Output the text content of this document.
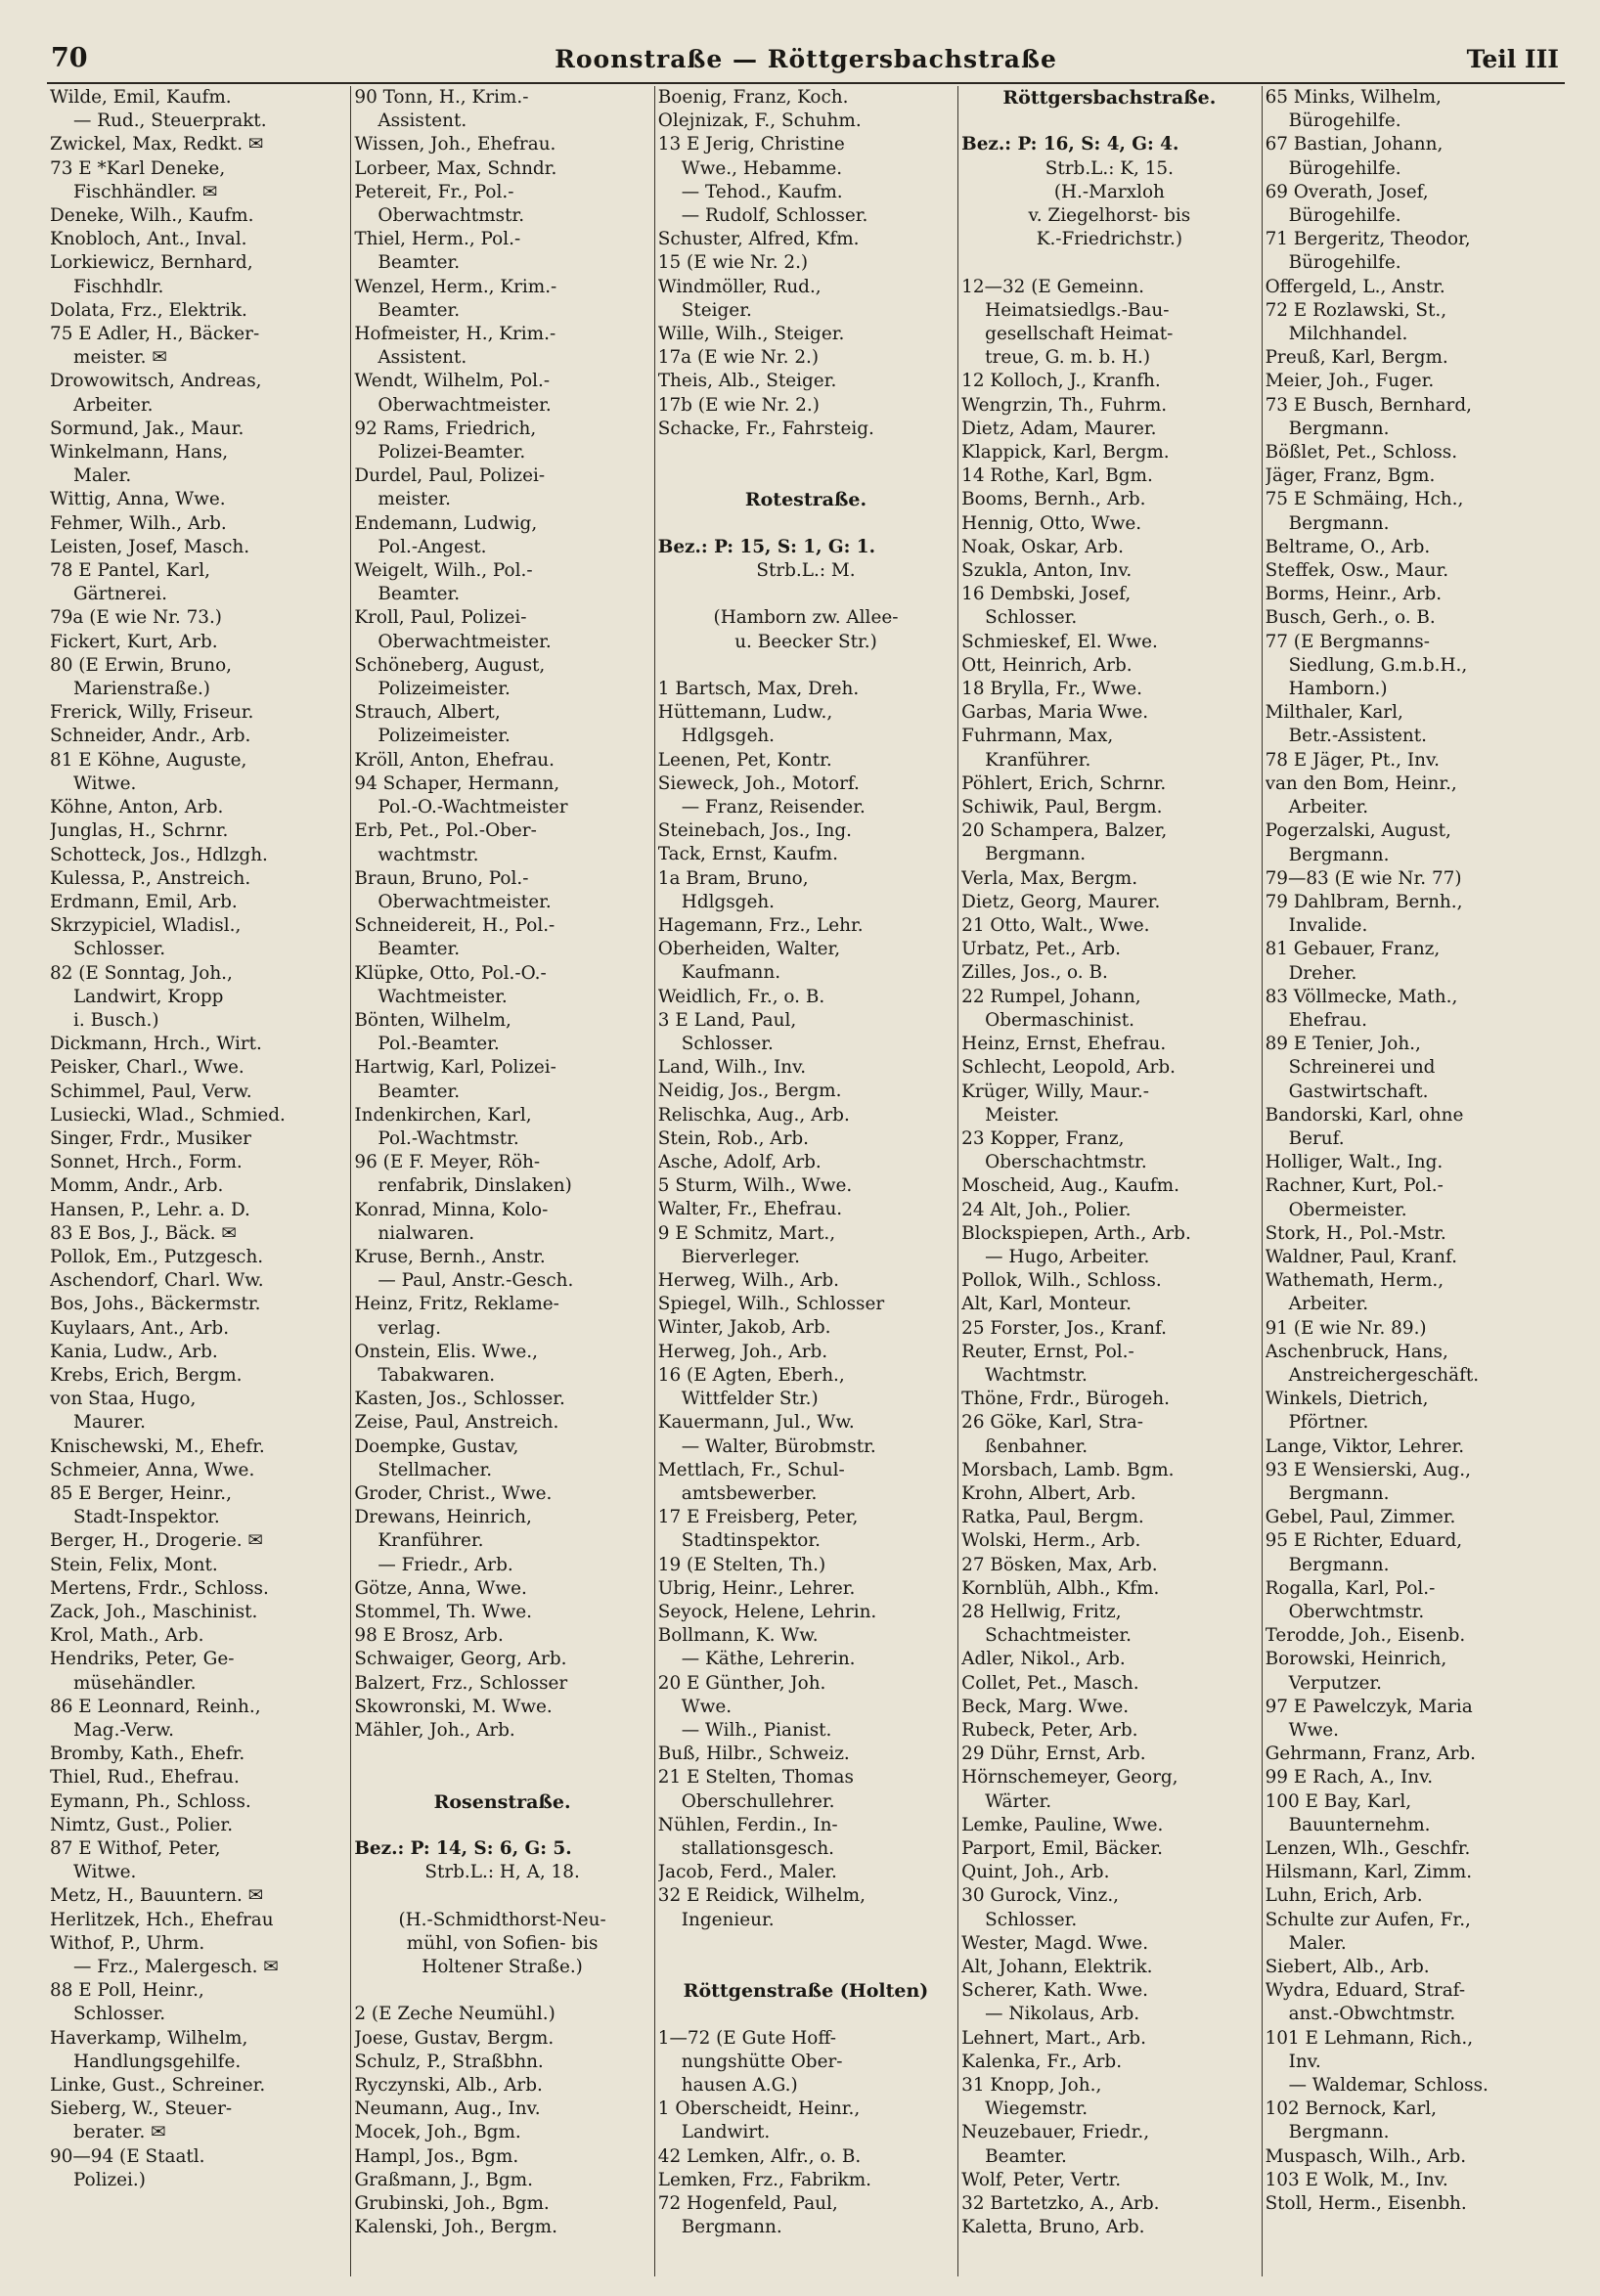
70	Roonstraße — Röttgersbachstraße	Teil III
Wilde, Emil, Kaufm.
— Rud., Steuerprakt.
Zwickel, Max, Redkt. ✉
73 E *Karl Deneke,
Fischhändler. ✉
Deneke, Wilh., Kaufm.
Knobloch, Ant., Inval.
Lorkiewicz, Bernhard,
Fischhdlr.
Dolata, Frz., Elektrik.
75 E Adler, H., Bäcker-
meister. ✉
Drowowitsch, Andreas,
Arbeiter.
Sormund, Jak., Maur.
Winkelmann, Hans,
Maler.
Wittig, Anna, Wwe.
Fehmer, Wilh., Arb.
Leisten, Josef, Masch.
78 E Pantel, Karl,
Gärtnerei.
79a (E wie Nr. 73.)
Fickert, Kurt, Arb.
80 (E Erwin, Bruno,
Marienstraße.)
Frerick, Willy, Friseur.
Schneider, Andr., Arb.
81 E Köhne, Auguste,
Witwe.
Köhne, Anton, Arb.
Junglas, H., Schrnr.
Schotteck, Jos., Hdlzgh.
Kulessa, P., Anstreich.
Erdmann, Emil, Arb.
Skrzypiciel, Wladisl.,
Schlosser.
82 (E Sonntag, Joh.,
Landwirt, Kropp
i. Busch.)
Dickmann, Hrch., Wirt.
Peisker, Charl., Wwe.
Schimmel, Paul, Verw.
Lusiecki, Wlad., Schmied.
Singer, Frdr., Musiker
Sonnet, Hrch., Form.
Momm, Andr., Arb.
Hansen, P., Lehr. a. D.
83 E Bos, J., Bäck. ✉
Pollok, Em., Putzgesch.
Aschendorf, Charl. Ww.
Bos, Johs., Bäckermstr.
Kuylaars, Ant., Arb.
Kania, Ludw., Arb.
Krebs, Erich, Bergm.
von Staa, Hugo,
Maurer.
Knischewski, M., Ehefr.
Schmeier, Anna, Wwe.
85 E Berger, Heinr.,
Stadt-Inspektor.
Berger, H., Drogerie. ✉
Stein, Felix, Mont.
Mertens, Frdr., Schloss.
Zack, Joh., Maschinist.
Krol, Math., Arb.
Hendriks, Peter, Ge-
müsehändler.
86 E Leonnard, Reinh.,
Mag.-Verw.
Bromby, Kath., Ehefr.
Thiel, Rud., Ehefrau.
Eymann, Ph., Schloss.
Nimtz, Gust., Polier.
87 E Withof, Peter,
Witwe.
Metz, H., Bauuntern. ✉
Herlitzek, Hch., Ehefrau
Withof, P., Uhrm.
— Frz., Malergesch. ✉
88 E Poll, Heinr.,
Schlosser.
Haverkamp, Wilhelm,
Handlungsgehilfe.
Linke, Gust., Schreiner.
Sieberg, W., Steuer-
berater. ✉
90—94 (E Staatl.
Polizei.)
90 Tonn, H., Krim.-
Assistent.
Wissen, Joh., Ehefrau.
Lorbeer, Max, Schndr.
Petereit, Fr., Pol.-
Oberwachtmstr.
Thiel, Herm., Pol.-
Beamter.
Wenzel, Herm., Krim.-
Beamter.
Hofmeister, H., Krim.-
Assistent.
Wendt, Wilhelm, Pol.-
Oberwachtmeister.
92 Rams, Friedrich,
Polizei-Beamter.
Durdel, Paul, Polizei-
meister.
Endemann, Ludwig,
Pol.-Angest.
Weigelt, Wilh., Pol.-
Beamter.
Kroll, Paul, Polizei-
Oberwachtmeister.
Schöneberg, August,
Polizeimeister.
Strauch, Albert,
Polizeimeister.
Kröll, Anton, Ehefrau.
94 Schaper, Hermann,
Pol.-O.-Wachtmeister
Erb, Pet., Pol.-Ober-
wachtmstr.
Braun, Bruno, Pol.-
Oberwachtmeister.
Schneidereit, H., Pol.-
Beamter.
Klüpke, Otto, Pol.-O.-
Wachtmeister.
Bönten, Wilhelm,
Pol.-Beamter.
Hartwig, Karl, Polizei-
Beamter.
Indenkirchen, Karl,
Pol.-Wachtmstr.
96 (E F. Meyer, Röh-
renfabrik, Dinslaken)
Konrad, Minna, Kolo-
nialwaren.
Kruse, Bernh., Anstr.
— Paul, Anstr.-Gesch.
Heinz, Fritz, Reklame-
verlag.
Onstein, Elis. Wwe.,
Tabakwaren.
Kasten, Jos., Schlosser.
Zeise, Paul, Anstreich.
Doempke, Gustav,
Stellmacher.
Groder, Christ., Wwe.
Drewans, Heinrich,
Kranführer.
— Friedr., Arb.
Götze, Anna, Wwe.
Stommel, Th. Wwe.
98 E Brosz, Arb.
Schwaiger, Georg, Arb.
Balzert, Frz., Schlosser
Skowronski, M. Wwe.
Mähler, Joh., Arb.
Rosenstraße.
Bez.: P: 14, S: 6, G: 5.
Strb.L.: H, A, 18.
(H.-Schmidthorst-Neu-
mühl, von Sofien- bis
Holtener Straße.)
2 (E Zeche Neumühl.)
Joese, Gustav, Bergm.
Schulz, P., Straßbhn.
Ryczynski, Alb., Arb.
Neumann, Aug., Inv.
Mocek, Joh., Bgm.
Hampl, Jos., Bgm.
Graßmann, J., Bgm.
Grubinski, Joh., Bgm.
Kalenski, Joh., Bergm.
Boenig, Franz, Koch.
Olejnizak, F., Schuhm.
13 E Jerig, Christine
Wwe., Hebamme.
— Tehod., Kaufm.
— Rudolf, Schlosser.
Schuster, Alfred, Kfm.
15 (E wie Nr. 2.)
Windmöller, Rud.,
Steiger.
Wille, Wilh., Steiger.
17a (E wie Nr. 2.)
Theis, Alb., Steiger.
17b (E wie Nr. 2.)
Schacke, Fr., Fahrsteig.
Rotestraße.
Bez.: P: 15, S: 1, G: 1.
Strb.L.: M.
(Hamborn zw. Allee-
u. Beecker Str.)
1 Bartsch, Max, Dreh.
Hüttemann, Ludw.,
Hdlgsgeh.
Leenen, Pet, Kontr.
Sieweck, Joh., Motorf.
— Franz, Reisender.
Steinebach, Jos., Ing.
Tack, Ernst, Kaufm.
1a Bram, Bruno,
Hdlgsgeh.
Hagemann, Frz., Lehr.
Oberheiden, Walter,
Kaufmann.
Weidlich, Fr., o. B.
3 E Land, Paul,
Schlosser.
Land, Wilh., Inv.
Neidig, Jos., Bergm.
Relischka, Aug., Arb.
Stein, Rob., Arb.
Asche, Adolf, Arb.
5 Sturm, Wilh., Wwe.
Walter, Fr., Ehefrau.
9 E Schmitz, Mart.,
Bierverleger.
Herweg, Wilh., Arb.
Spiegel, Wilh., Schlosser
Winter, Jakob, Arb.
Herweg, Joh., Arb.
16 (E Agten, Eberh.,
Wittfelder Str.)
Kauermann, Jul., Ww.
— Walter, Bürobmstr.
Mettlach, Fr., Schul-
amtsbewerber.
17 E Freisberg, Peter,
Stadtinspektor.
19 (E Stelten, Th.)
Ubrig, Heinr., Lehrer.
Seyock, Helene, Lehrin.
Bollmann, K. Ww.
— Käthe, Lehrerin.
20 E Günther, Joh.
Wwe.
— Wilh., Pianist.
Buß, Hilbr., Schweiz.
21 E Stelten, Thomas
Oberschullehrer.
Nühlen, Ferdin., In-
stallationsgesch.
Jacob, Ferd., Maler.
32 E Reidick, Wilhelm,
Ingenieur.
Röttgenstraße (Holten)
1—72 (E Gute Hoff-
nungshütte Ober-
hausen A.G.)
1 Oberscheidt, Heinr.,
Landwirt.
42 Lemken, Alfr., o. B.
Lemken, Frz., Fabrikm.
72 Hogenfeld, Paul,
Bergmann.
Röttgersbachstraße.
Bez.: P: 16, S: 4, G: 4.
Strb.L.: K, 15.
(H.-Marxloh
v. Ziegelhorst- bis
K.-Friedrichstr.)
12—32 (E Gemeinn.
Heimatsiedlgs.-Bau-
gesellschaft Heimat-
treue, G. m. b. H.)
12 Kolloch, J., Kranfh.
Wengrzin, Th., Fuhrm.
Dietz, Adam, Maurer.
Klappick, Karl, Bergm.
14 Rothe, Karl, Bgm.
Booms, Bernh., Arb.
Hennig, Otto, Wwe.
Noak, Oskar, Arb.
Szukla, Anton, Inv.
16 Dembski, Josef,
Schlosser.
Schmieskef, El. Wwe.
Ott, Heinrich, Arb.
18 Brylla, Fr., Wwe.
Garbas, Maria Wwe.
Fuhrmann, Max,
Kranführer.
Pöhlert, Erich, Schrnr.
Schiwik, Paul, Bergm.
20 Schampera, Balzer,
Bergmann.
Verla, Max, Bergm.
Dietz, Georg, Maurer.
21 Otto, Walt., Wwe.
Urbatz, Pet., Arb.
Zilles, Jos., o. B.
22 Rumpel, Johann,
Obermaschinist.
Heinz, Ernst, Ehefrau.
Schlecht, Leopold, Arb.
Krüger, Willy, Maur.-
Meister.
23 Kopper, Franz,
Oberschachtmstr.
Moscheid, Aug., Kaufm.
24 Alt, Joh., Polier.
Blockspiepen, Arth., Arb.
— Hugo, Arbeiter.
Pollok, Wilh., Schloss.
Alt, Karl, Monteur.
25 Forster, Jos., Kranf.
Reuter, Ernst, Pol.-
Wachtmstr.
Thöne, Frdr., Bürogeh.
26 Göke, Karl, Stra-
ßenbahner.
Morsbach, Lamb. Bgm.
Krohn, Albert, Arb.
Ratka, Paul, Bergm.
Wolski, Herm., Arb.
27 Bösken, Max, Arb.
Kornblüh, Albh., Kfm.
28 Hellwig, Fritz,
Schachtmeister.
Adler, Nikol., Arb.
Collet, Pet., Masch.
Beck, Marg. Wwe.
Rubeck, Peter, Arb.
29 Dühr, Ernst, Arb.
Hörnschemeyer, Georg,
Wärter.
Lemke, Pauline, Wwe.
Parport, Emil, Bäcker.
Quint, Joh., Arb.
30 Gurock, Vinz.,
Schlosser.
Wester, Magd. Wwe.
Alt, Johann, Elektrik.
Scherer, Kath. Wwe.
— Nikolaus, Arb.
Lehnert, Mart., Arb.
Kalenka, Fr., Arb.
31 Knopp, Joh.,
Wiegemstr.
Neuzebauer, Friedr.,
Beamter.
Wolf, Peter, Vertr.
32 Bartetzko, A., Arb.
Kaletta, Bruno, Arb.
65 Minks, Wilhelm,
Bürogehilfe.
67 Bastian, Johann,
Bürogehilfe.
69 Overath, Josef,
Bürogehilfe.
71 Bergeritz, Theodor,
Bürogehilfe.
Offergeld, L., Anstr.
72 E Rozlawski, St.,
Milchhandel.
Preuß, Karl, Bergm.
Meier, Joh., Fuger.
73 E Busch, Bernhard,
Bergmann.
Bößlet, Pet., Schloss.
Jäger, Franz, Bgm.
75 E Schmäing, Hch.,
Bergmann.
Beltrame, O., Arb.
Steffek, Osw., Maur.
Borms, Heinr., Arb.
Busch, Gerh., o. B.
77 (E Bergmanns-
Siedlung, G.m.b.H.,
Hamborn.)
Milthaler, Karl,
Betr.-Assistent.
78 E Jäger, Pt., Inv.
van den Bom, Heinr.,
Arbeiter.
Pogerzalski, August,
Bergmann.
79—83 (E wie Nr. 77)
79 Dahlbram, Bernh.,
Invalide.
81 Gebauer, Franz,
Dreher.
83 Völlmecke, Math.,
Ehefrau.
89 E Tenier, Joh.,
Schreinerei und
Gastwirtschaft.
Bandorski, Karl, ohne
Beruf.
Holliger, Walt., Ing.
Rachner, Kurt, Pol.-
Obermeister.
Stork, H., Pol.-Mstr.
Waldner, Paul, Kranf.
Wathemath, Herm.,
Arbeiter.
91 (E wie Nr. 89.)
Aschenbruck, Hans,
Anstreichergeschäft.
Winkels, Dietrich,
Pförtner.
Lange, Viktor, Lehrer.
93 E Wensierski, Aug.,
Bergmann.
Gebel, Paul, Zimmer.
95 E Richter, Eduard,
Bergmann.
Rogalla, Karl, Pol.-
Oberwchtmstr.
Terodde, Joh., Eisenb.
Borowski, Heinrich,
Verputzer.
97 E Pawelczyk, Maria
Wwe.
Gehrmann, Franz, Arb.
99 E Rach, A., Inv.
100 E Bay, Karl,
Bauunternehm.
Lenzen, Wlh., Geschfr.
Hilsmann, Karl, Zimm.
Luhn, Erich, Arb.
Schulte zur Aufen, Fr.,
Maler.
Siebert, Alb., Arb.
Wydra, Eduard, Straf-
anst.-Obwchtmstr.
101 E Lehmann, Rich.,
Inv.
— Waldemar, Schloss.
102 Bernock, Karl,
Bergmann.
Muspasch, Wilh., Arb.
103 E Wolk, M., Inv.
Stoll, Herm., Eisenbh.
